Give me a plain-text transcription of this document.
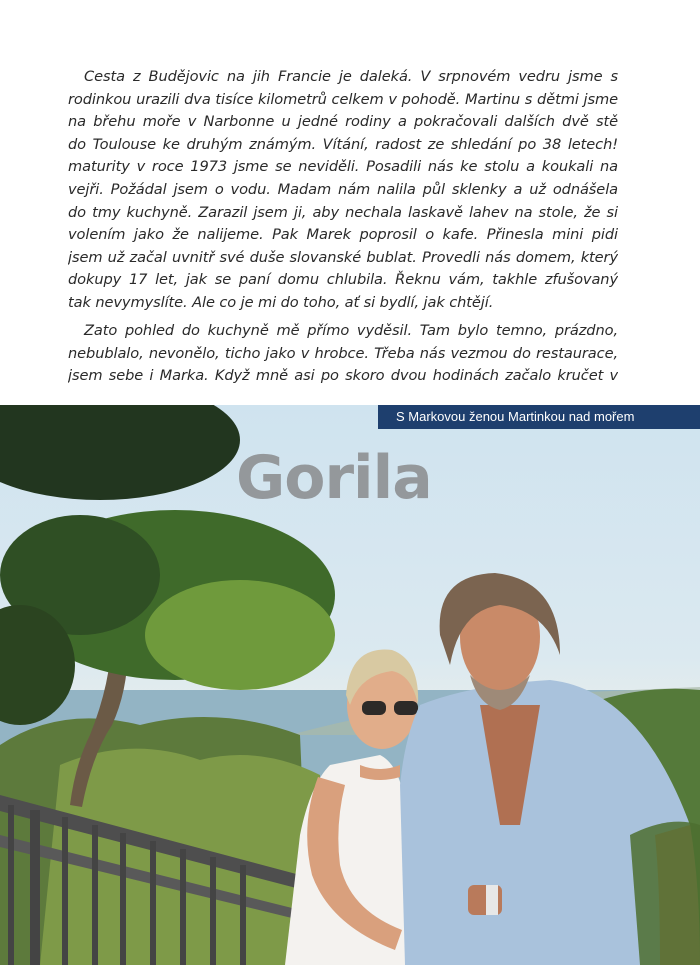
Cesta z Budějovic na jih Francie je daleká. V srpnovém vedru jsme s
rodinkou urazili dva tisíce kilometrů celkem v pohodě. Martinu s dětmi jsme
na břehu moře v Narbonne u jedné rodiny a pokračovali dalších dvě stě
do Toulouse ke druhým známým. Vítání, radost ze shledání po 38 letech!
maturity v roce 1973 jsme se neviděli. Posadili nás ke stolu a koukali na
vejři. Požádal jsem o vodu. Madam nám nalila půl sklenky a už odnášela
do tmy kuchyně. Zarazil jsem ji, aby nechala laskavě lahev na stole, že si
volením jako že nalijeme. Pak Marek poprosil o kafe. Přinesla mini pidi
jsem už začal uvnitř své duše slovanské bublat. Provedli nás domem, který
dokupy 17 let, jak se paní domu chlubila. Řeknu vám, takhle zfušovaný
tak nevymyslíte. Ale co je mi do toho, ať si bydlí, jak chtějí.
Zato pohled do kuchyně mě přímo vyděsil. Tam bylo temno, prázdno,
nebublalo, nevonělo, ticho jako v hrobce. Třeba nás vezmou do restaurace,
jsem sebe i Marka. Když mně asi po skoro dvou hodinách začalo kručet v
Gorila
S Markovou ženou Martinkou nad mořem
